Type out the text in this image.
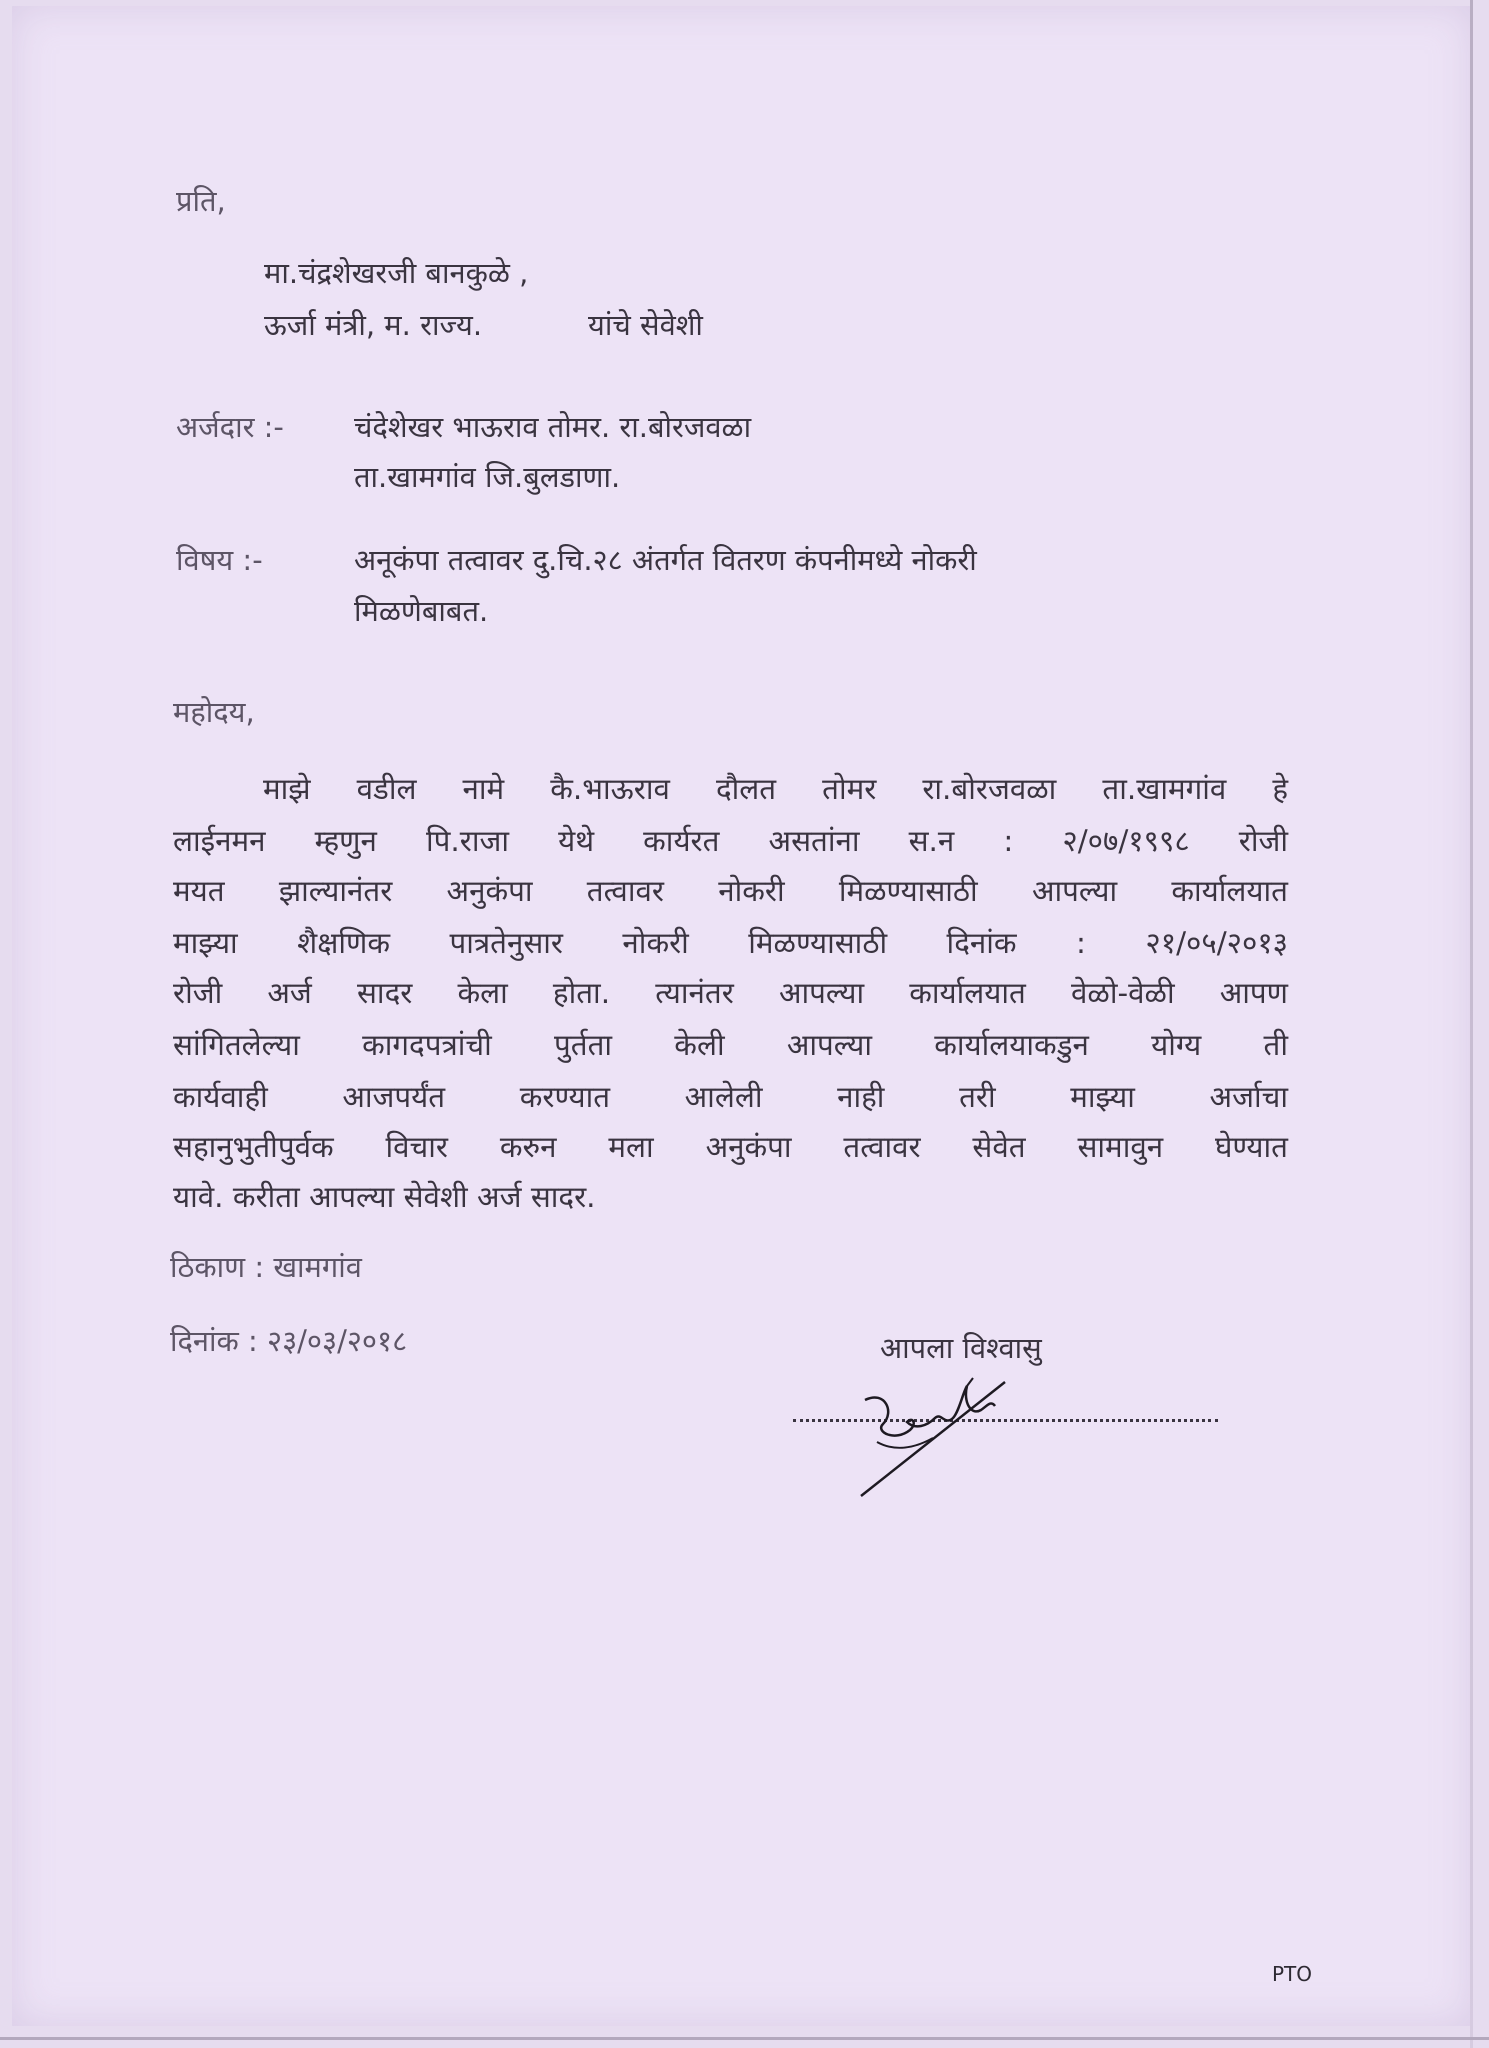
प्रति,

मा.चंद्रशेखरजी बानकुळे ,

ऊर्जा मंत्री, म. राज्य.	यांचे सेवेशी

अर्जदार :- चंदेशेखर भाऊराव तोमर. रा.बोरजवळा

ता.खामगांव जि.बुलडाणा.

विषय :-	अनूकंपा तत्वावर दु.चि.२८ अंतर्गत वितरण कंपनीमध्ये नोकरी

मिळणेबाबत.

महोदय,

माझे वडील नामे कै.भाऊराव दौलत तोमर रा.बोरजवळा ता.खामगांव हे

लाईनमन म्हणुन पि.राजा येथे कार्यरत असतांना स.न : २/०७/१९९८ रोजी

मयत झाल्यानंतर अनुकंपा तत्वावर नोकरी मिळण्यासाठी आपल्या कार्यालयात

माझ्या शैक्षणिक पात्रतेनुसार नोकरी मिळण्यासाठी दिनांक : २१/०५/२०१३

रोजी अर्ज सादर केला होता. त्यानंतर आपल्या कार्यालयात वेळो-वेळी आपण

सांगितलेल्या कागदपत्रांची पुर्तता केली आपल्या कार्यालयाकडुन योग्य ती

कार्यवाही आजपर्यंत करण्यात आलेली नाही तरी माझ्या अर्जाचा

सहानुभुतीपुर्वक विचार करुन मला अनुकंपा तत्वावर सेवेत सामावुन घेण्यात

यावे. करीता आपल्या सेवेशी अर्ज सादर.

ठिकाण : खामगांव

दिनांक : २३/०३/२०१८	आपला विश्वासु

PTO
